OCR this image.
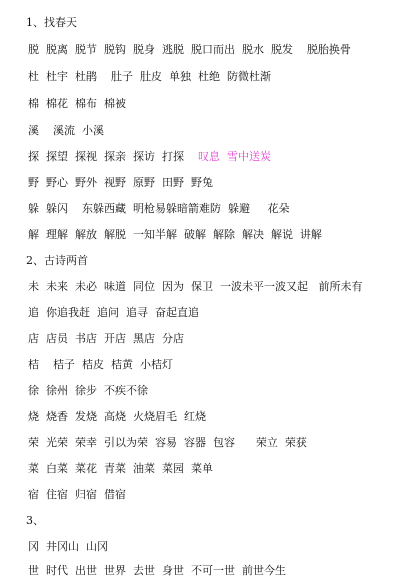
1、找春天
脱  脱离  脱节  脱钩  脱身  逃脱  脱口而出  脱水  脱发    脱胎换骨
杜  杜宇  杜鹃    肚子  肚皮  单独  杜绝  防微杜渐
棉  棉花  棉布  棉被
溪    溪流  小溪
探  探望  探视  探亲  探访  打探    叹息  雪中送炭
野  野心  野外  视野  原野  田野  野兔
躲  躲闪    东躲西藏  明枪易躲暗箭难防  躲避     花朵
解  理解  解放  解脱  一知半解  破解  解除  解决  解说  讲解
2、古诗两首
未  未来  未必  味道  同位  因为  保卫  一波未平一波又起   前所未有
追  你追我赶  追问  追寻  奋起直追
店  店员  书店  开店  黑店  分店
桔    桔子  桔皮  桔黄  小桔灯
徐  徐州  徐步  不疾不徐
烧  烧香  发烧  高烧  火烧眉毛  红烧
荣  光荣  荣幸  引以为荣  容易  容器  包容      荣立  荣获
菜  白菜  菜花  青菜  油菜  菜园  菜单
宿  住宿  归宿  借宿
3、
冈  井冈山  山冈
世  时代  出世  世界  去世  身世  不可一世  前世今生
